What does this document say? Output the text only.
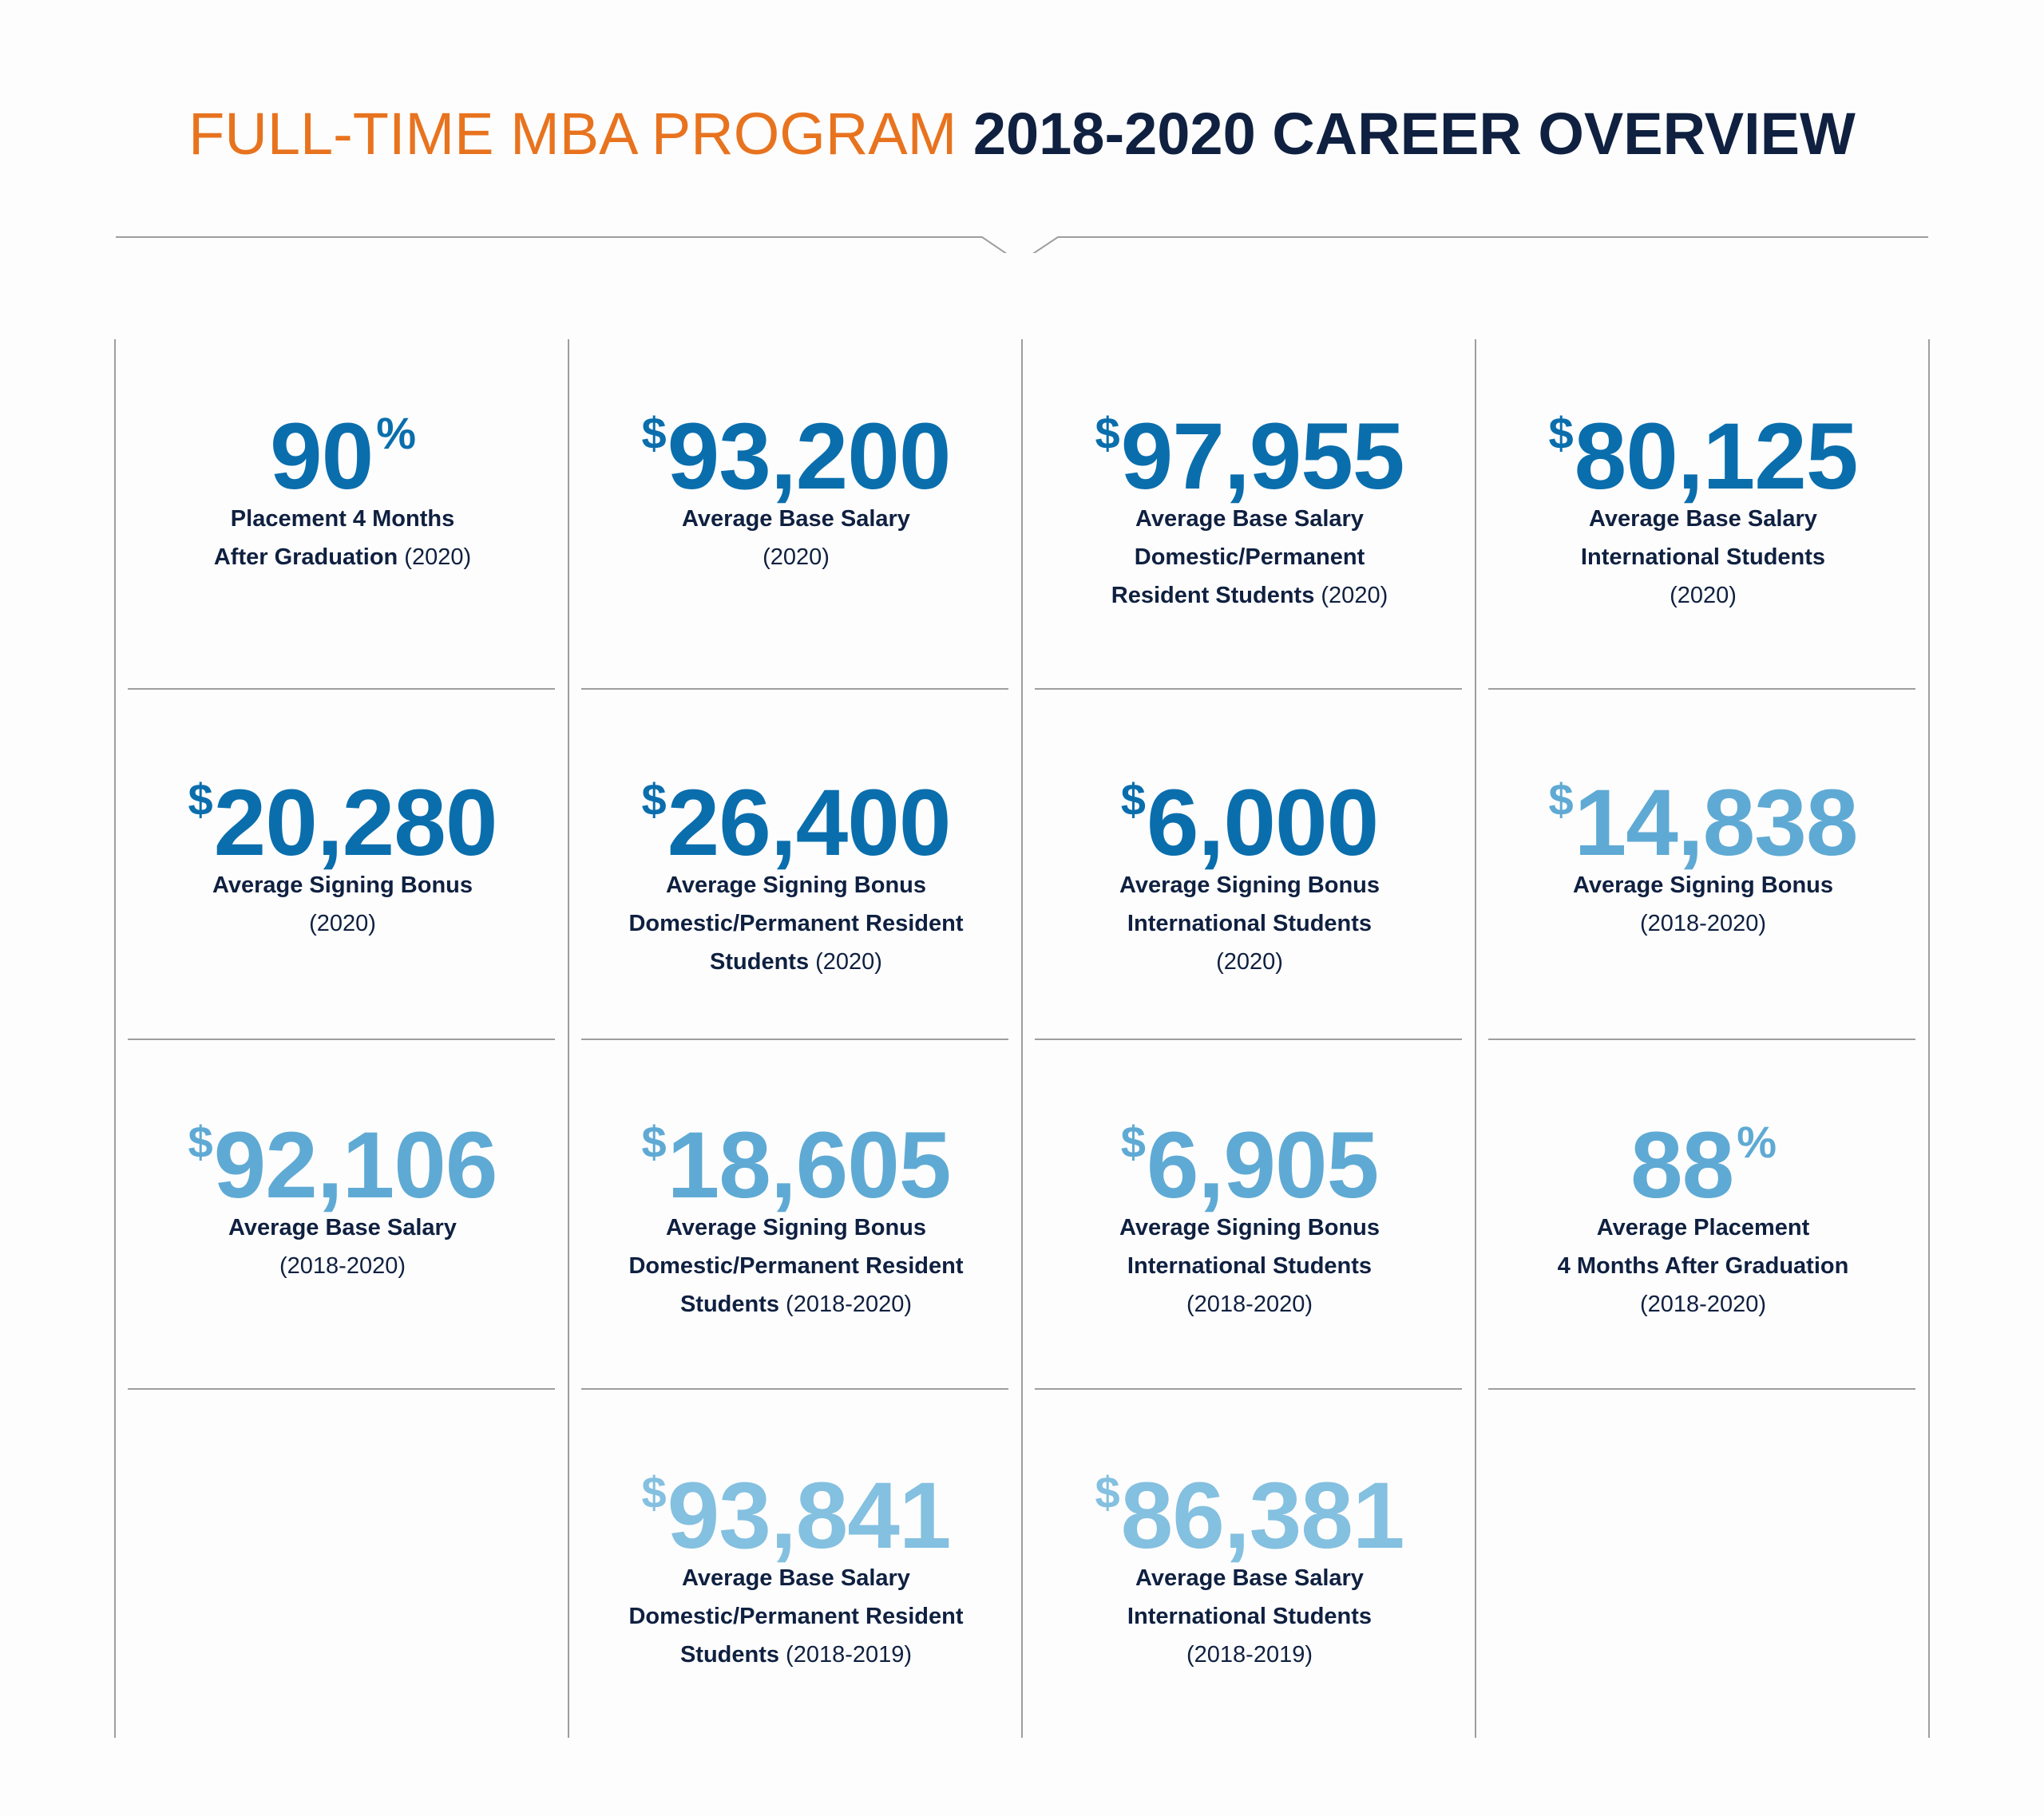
FULL-TIME MBA PROGRAM 2018-2020 CAREER OVERVIEW
90%
Placement 4 Months
After Graduation (2020)
$93,200
Average Base Salary
(2020)
$97,955
Average Base Salary
Domestic/Permanent
Resident Students (2020)
$80,125
Average Base Salary
International Students
(2020)
$20,280
Average Signing Bonus
(2020)
$26,400
Average Signing Bonus
Domestic/Permanent Resident
Students (2020)
$6,000
Average Signing Bonus
International Students
(2020)
$14,838
Average Signing Bonus
(2018-2020)
$92,106
Average Base Salary
(2018-2020)
$18,605
Average Signing Bonus
Domestic/Permanent Resident
Students (2018-2020)
$6,905
Average Signing Bonus
International Students
(2018-2020)
88%
Average Placement
4 Months After Graduation
(2018-2020)
$93,841
Average Base Salary
Domestic/Permanent Resident
Students (2018-2019)
$86,381
Average Base Salary
International Students
(2018-2019)
